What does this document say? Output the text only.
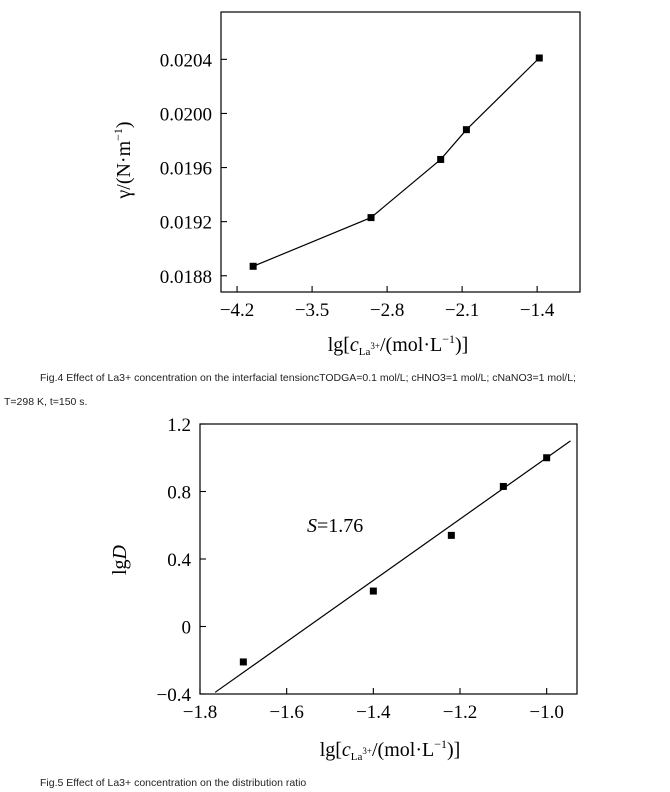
−4.2 −3.5 −2.8 −2.1 −1.4
0.0188
0.0192
0.0196
0.0200
0.0204
$\gamma/(N\cdot m^{-1})$
$\lg[c_{La}^{3+}/(mol\cdot L^{-1})]$
Fig.4 Effect of La3+ concentration on the interfacial tensioncTODGA=0.1 mol/L; cHNO3=1 mol/L; cNaNO3=1 mol/L;
T=298 K, t=150 s.
−1.8	−1.6	−1.4	−1.2	−1.0
−0.4
0
0.4
0.8
1.2
S=1.76
lgD
$\lg[c_{La}^{3+}/(mol\cdot L^{-1})]$
Fig.5 Effect of La3+ concentration on the distribution ratio
